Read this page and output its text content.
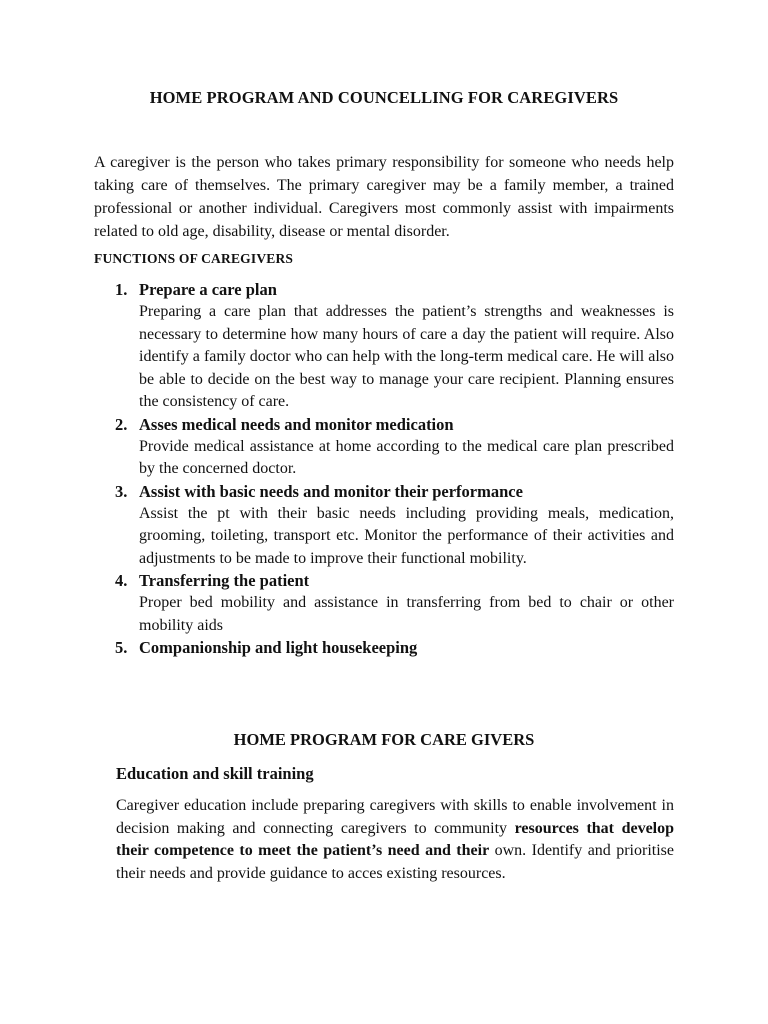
HOME PROGRAM AND COUNCELLING FOR CAREGIVERS
A caregiver is the person who takes primary responsibility for someone who needs help taking care of themselves. The primary caregiver may be a family member, a trained professional or another individual. Caregivers most commonly assist with impairments related to old age, disability, disease or mental disorder.
FUNCTIONS OF CAREGIVERS
1. Prepare a care plan
Preparing a care plan that addresses the patient’s strengths and weaknesses is necessary to determine how many hours of care a day the patient will require. Also identify a family doctor who can help with the long-term medical care. He will also be able to decide on the best way to manage your care recipient. Planning ensures the consistency of care.
2. Asses medical needs and monitor medication
Provide medical assistance at home according to the medical care plan prescribed by the concerned doctor.
3. Assist with basic needs and monitor their performance
Assist the pt with their basic needs including providing meals, medication, grooming, toileting, transport etc. Monitor the performance of their activities and adjustments to be made to improve their functional mobility.
4. Transferring the patient
Proper bed mobility and assistance in transferring from bed to chair or other mobility aids
5. Companionship and light housekeeping
HOME PROGRAM FOR CARE GIVERS
Education and skill training
Caregiver education include preparing caregivers with skills to enable involvement in decision making and connecting caregivers to community resources that develop their competence to meet the patient’s need and their own. Identify and prioritise their needs and provide guidance to acces existing resources.
